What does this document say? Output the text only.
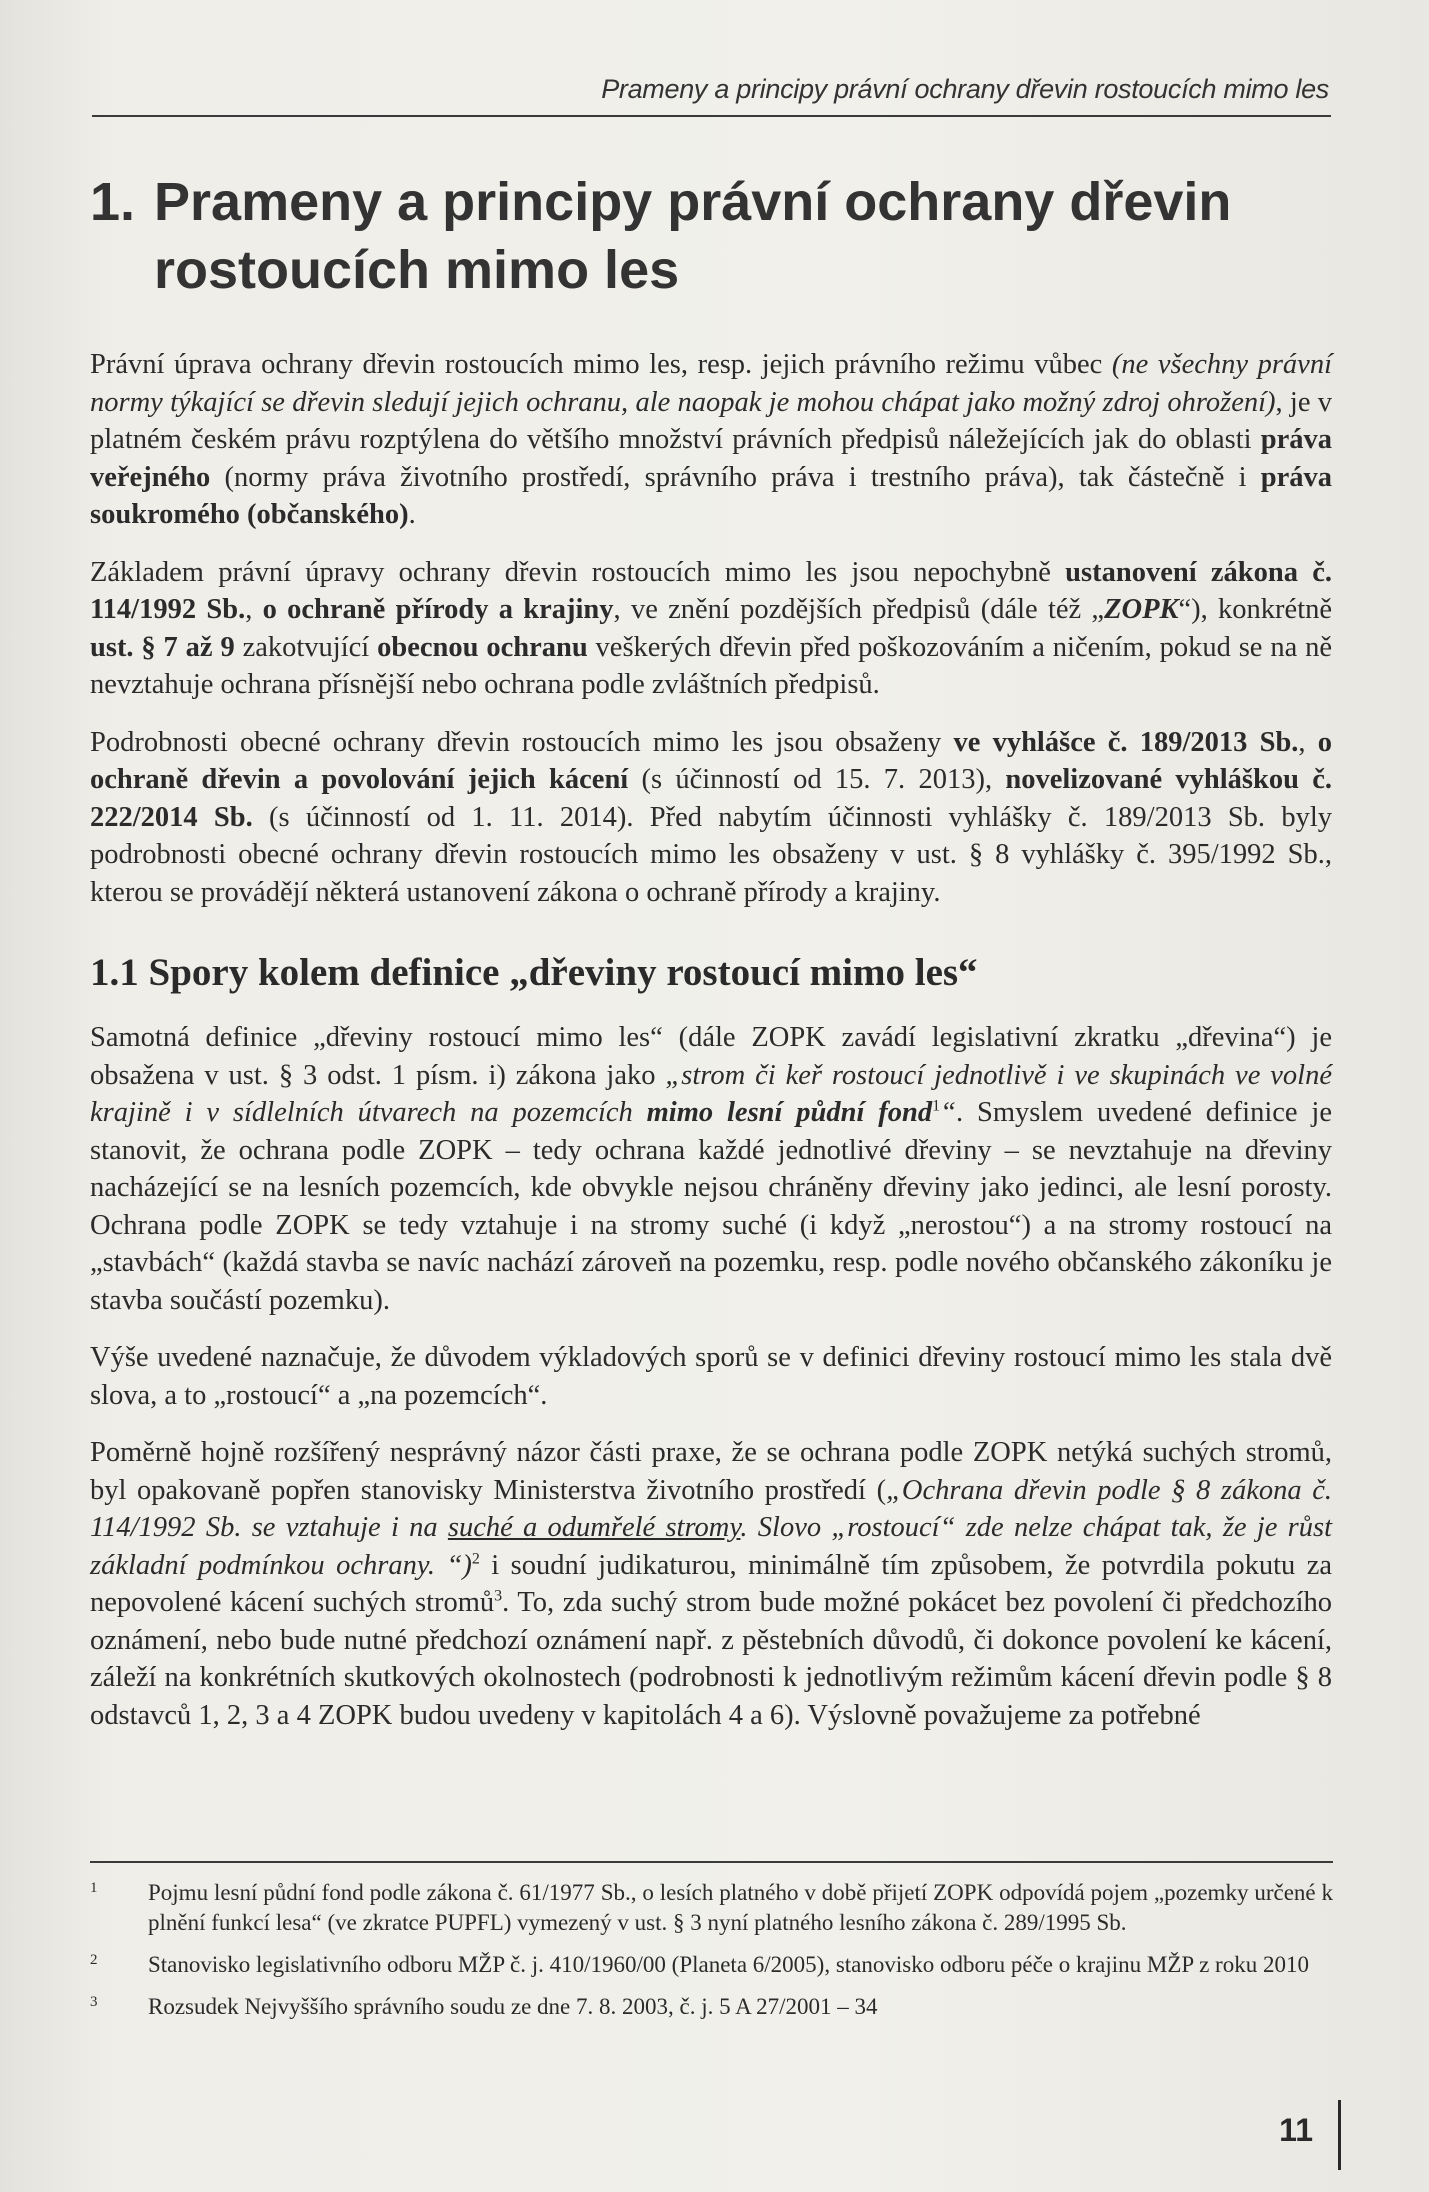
Prameny a principy právní ochrany dřevin rostoucích mimo les
1. Prameny a principy právní ochrany dřevin rostoucích mimo les

Právní úprava ochrany dřevin rostoucích mimo les, resp. jejich právního režimu vůbec (ne všechny právní normy týkající se dřevin sledují jejich ochranu, ale naopak je mohou chápat jako možný zdroj ohrožení), je v platném českém právu rozptýlena do většího množství právních předpisů náležejících jak do oblasti práva veřejného (normy práva životního prostředí, správního práva i trestního práva), tak částečně i práva soukromého (občanského).

Základem právní úpravy ochrany dřevin rostoucích mimo les jsou nepochybně ustanovení zákona č. 114/1992 Sb., o ochraně přírody a krajiny, ve znění pozdějších předpisů (dále též „ZOPK“), konkrétně ust. § 7 až 9 zakotvující obecnou ochranu veškerých dřevin před poškozováním a ničením, pokud se na ně nevztahuje ochrana přísnější nebo ochrana podle zvláštních předpisů.

Podrobnosti obecné ochrany dřevin rostoucích mimo les jsou obsaženy ve vyhlášce č. 189/2013 Sb., o ochraně dřevin a povolování jejich kácení (s účinností od 15. 7. 2013), novelizované vyhláškou č. 222/2014 Sb. (s účinností od 1. 11. 2014). Před nabytím účinnosti vyhlášky č. 189/2013 Sb. byly podrobnosti obecné ochrany dřevin rostoucích mimo les obsaženy v ust. § 8 vyhlášky č. 395/1992 Sb., kterou se provádějí některá ustanovení zákona o ochraně přírody a krajiny.

1.1 Spory kolem definice „dřeviny rostoucí mimo les“

Samotná definice „dřeviny rostoucí mimo les“ (dále ZOPK zavádí legislativní zkratku „dřevina“) je obsažena v ust. § 3 odst. 1 písm. i) zákona jako „strom či keř rostoucí jednotlivě i ve skupinách ve volné krajině i v sídlelních útvarech na pozemcích mimo lesní půdní fond$^1$“. Smyslem uvedené definice je stanovit, že ochrana podle ZOPK – tedy ochrana každé jednotlivé dřeviny – se nevztahuje na dřeviny nacházející se na lesních pozemcích, kde obvykle nejsou chráněny dřeviny jako jedinci, ale lesní porosty. Ochrana podle ZOPK se tedy vztahuje i na stromy suché (i když „nerostou“) a na stromy rostoucí na „stavbách“ (každá stavba se navíc nachází zároveň na pozemku, resp. podle nového občanského zákoníku je stavba součástí pozemku).

Výše uvedené naznačuje, že důvodem výkladových sporů se v definici dřeviny rostoucí mimo les stala dvě slova, a to „rostoucí“ a „na pozemcích“.

Poměrně hojně rozšířený nesprávný názor části praxe, že se ochrana podle ZOPK netýká suchých stromů, byl opakovaně popřen stanovisky Ministerstva životního prostředí („Ochrana dřevin podle § 8 zákona č. 114/1992 Sb. se vztahuje i na suché a odumřelé stromy. Slovo „rostoucí“ zde nelze chápat tak, že je růst základní podmínkou ochrany. “)$^2$ i soudní judikaturou, minimálně tím způsobem, že potvrdila pokutu za nepovolené kácení suchých stromů$^3$. To, zda suchý strom bude možné pokácet bez povolení či předchozího oznámení, nebo bude nutné předchozí oznámení např. z pěstebních důvodů, či dokonce povolení ke kácení, záleží na konkrétních skutkových okolnostech (podrobnosti k jednotlivým režimům kácení dřevin podle § 8 odstavců 1, 2, 3 a 4 ZOPK budou uvedeny v kapitolách 4 a 6). Výslovně považujeme za potřebné

1	Pojmu lesní půdní fond podle zákona č. 61/1977 Sb., o lesích platného v době přijetí ZOPK odpovídá pojem „pozemky určené k plnění funkcí lesa“ (ve zkratce PUPFL) vymezený v ust. § 3 nyní platného lesního zákona č. 289/1995 Sb.
2	Stanovisko legislativního odboru MŽP č. j. 410/1960/00 (Planeta 6/2005), stanovisko odboru péče o krajinu MŽP z roku 2010
3	Rozsudek Nejvyššího správního soudu ze dne 7. 8. 2003, č. j. 5 A 27/2001 – 34
11
